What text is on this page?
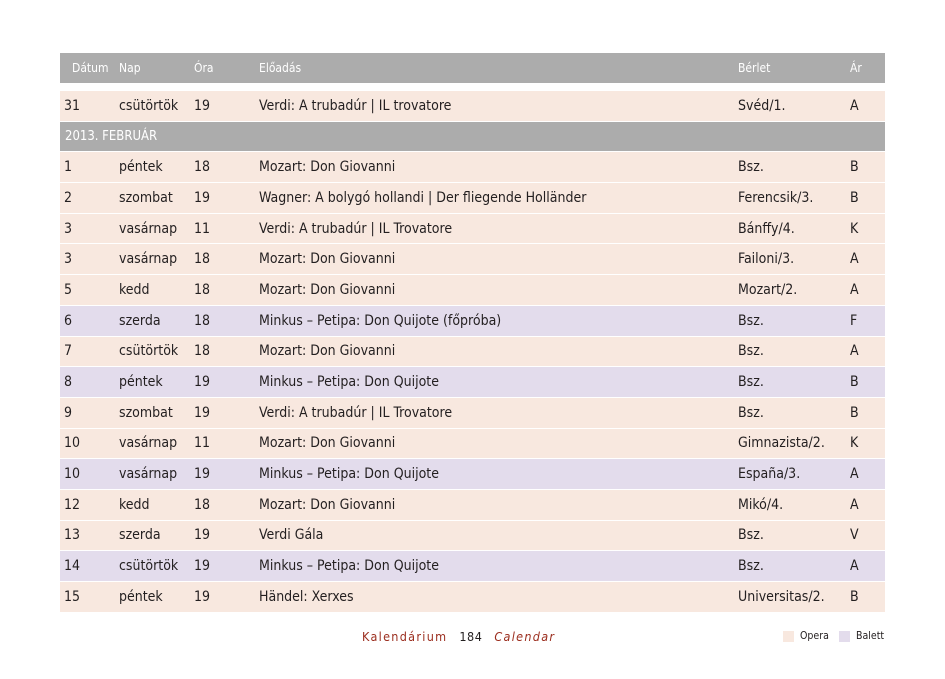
Dátum Nap	Óra	Előadás	Bérlet	Ár
31	csütörtök 19	Verdi: A trubadúr | IL trovatore	Svéd/1.	A
2013. FEBRUÁR
1	péntek 18	Mozart: Don Giovanni	Bsz.	B
2	szombat 19	Wagner: A bolygó hollandi | Der fliegende Holländer	Ferencsik/3.	B
3	vasárnap 11	Verdi: A trubadúr | IL Trovatore	Bánffy/4.	K
3	vasárnap 18	Mozart: Don Giovanni	Failoni/3.	A
5	kedd	18	Mozart: Don Giovanni	Mozart/2.	A
6	szerda 18	Minkus – Petipa: Don Quijote (főpróba)	Bsz.	F
7	csütörtök 18	Mozart: Don Giovanni	Bsz.	A
8	péntek 19	Minkus – Petipa: Don Quijote	Bsz.	B
9	szombat 19	Verdi: A trubadúr | IL Trovatore	Bsz.	B
10	vasárnap 11	Mozart: Don Giovanni	Gimnazista/2. K
10	vasárnap 19	Minkus – Petipa: Don Quijote	España/3.	A
12	kedd	18	Mozart: Don Giovanni	Mikó/4.	A
13	szerda 19	Verdi Gála	Bsz.	V
14	csütörtök 19	Minkus – Petipa: Don Quijote	Bsz.	A
15	péntek 19	Händel: Xerxes	Universitas/2. B
Kalendárium 184 Calendar	Opera	Balett
